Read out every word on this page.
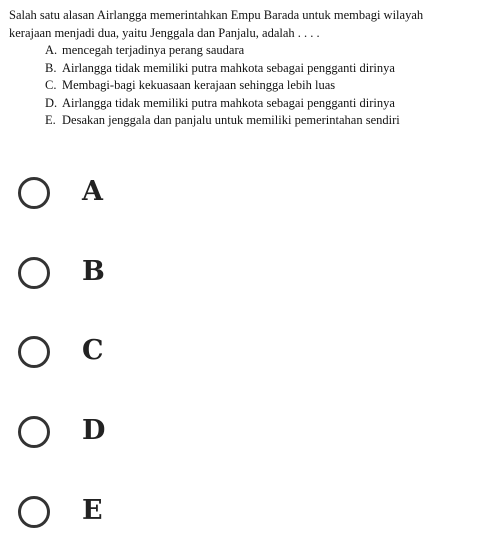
Salah satu alasan Airlangga memerintahkan Empu Barada untuk membagi wilayah
kerajaan menjadi dua, yaitu Jenggala dan Panjalu, adalah . . . .
A. mencegah terjadinya perang saudara
B. Airlangga tidak memiliki putra mahkota sebagai pengganti dirinya
C. Membagi-bagi kekuasaan kerajaan sehingga lebih luas
D. Airlangga tidak memiliki putra mahkota sebagai pengganti dirinya
E. Desakan jenggala dan panjalu untuk memiliki pemerintahan sendiri
A
B
C
D
E
